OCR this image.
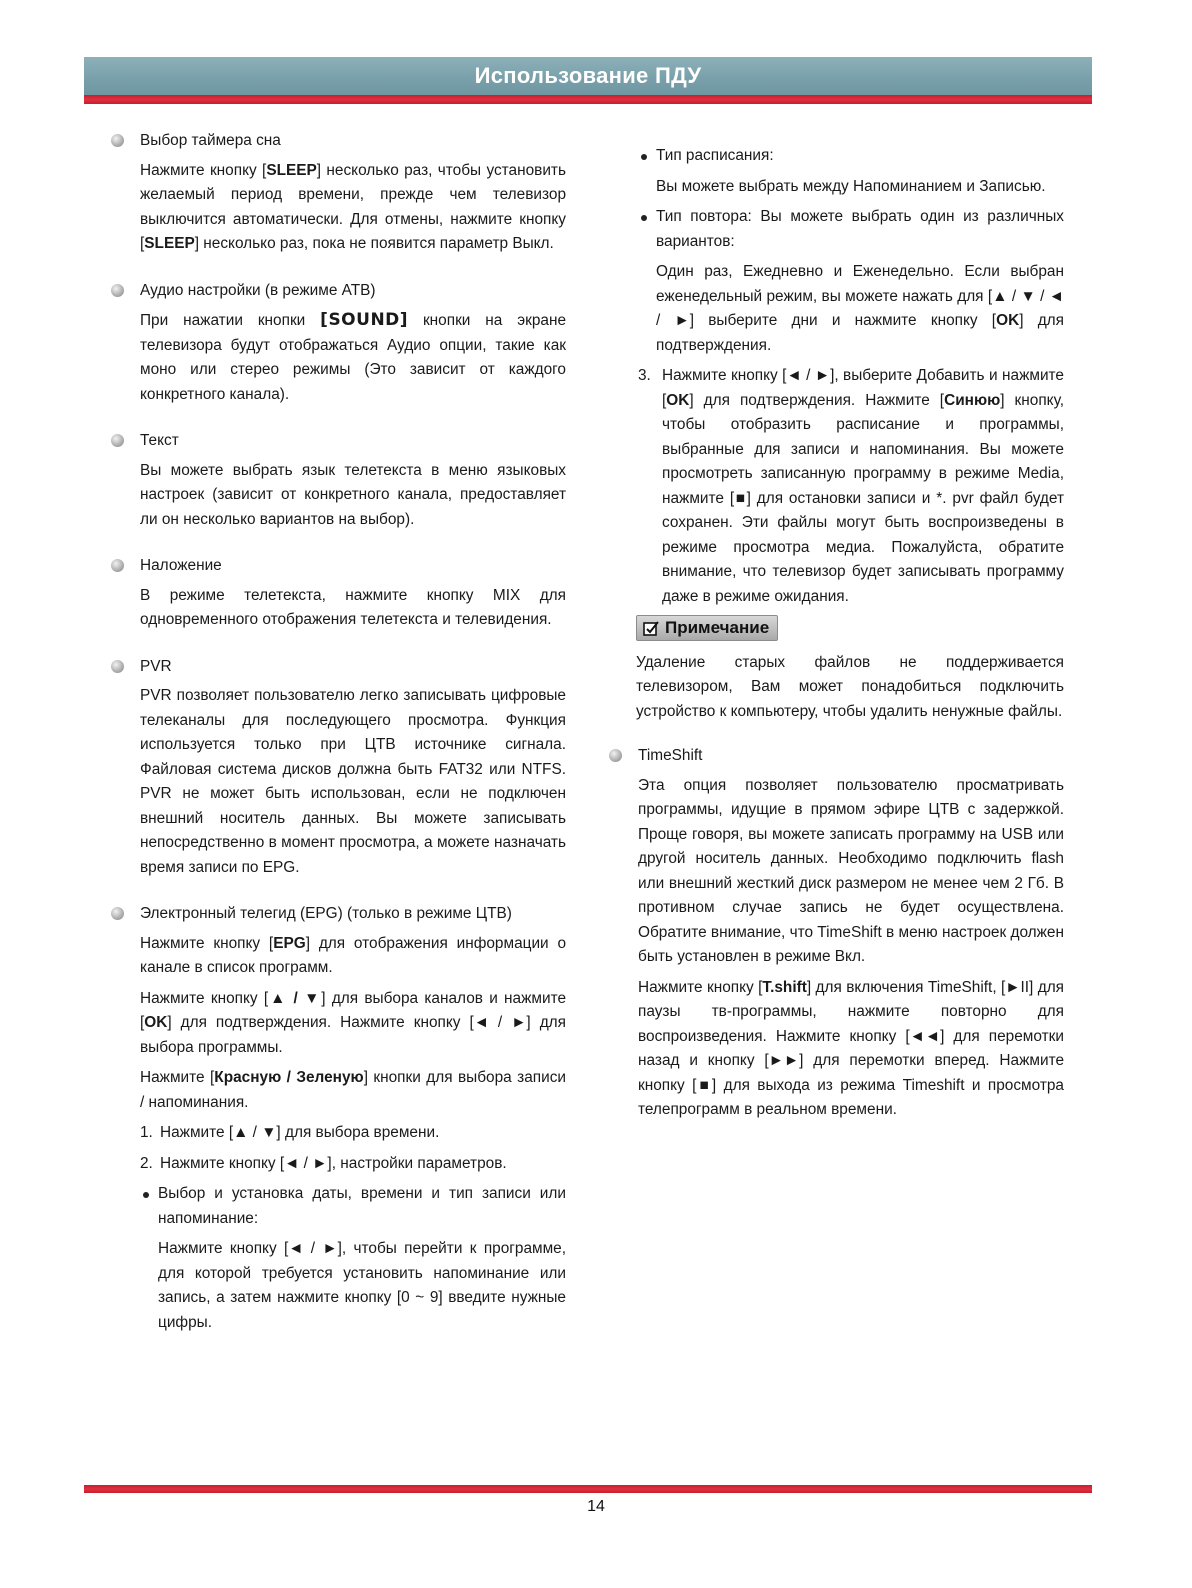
Использование ПДУ
Выбор таймера сна

Нажмите кнопку [SLEEP] несколько раз, чтобы установить желаемый период времени, прежде чем телевизор выключится автоматически. Для отмены, нажмите кнопку [SLEEP] несколько раз, пока не появится параметр Выкл.

Аудио настройки (в режиме АТВ)

При нажатии кнопки [SOUND] кнопки на экране телевизора будут отображаться Аудио опции, такие как моно или стерео режимы (Это зависит от каждого конкретного канала).

Текст

Вы можете выбрать язык телетекста в меню языковых настроек (зависит от конкретного канала, предоставляет ли он несколько вариантов на выбор).

Наложение

В режиме телетекста, нажмите кнопку MIX для одновременного отображения телетекста и телевидения.

PVR

PVR позволяет пользователю легко записывать цифровые телеканалы для последующего просмотра. Функция используется только при ЦТВ источнике сигнала. Файловая система дисков должна быть FAT32 или NTFS. PVR не может быть использован, если не подключен внешний носитель данных. Вы можете записывать непосредственно в момент просмотра, а можете назначать время записи по EPG.

Электронный телегид (EPG) (только в режиме ЦТВ)

Нажмите кнопку [EPG] для отображения информации о канале в список программ.

Нажмите кнопку [▲ / ▼] для выбора каналов и нажмите [OK] для подтверждения. Нажмите кнопку [◄ / ►] для выбора программы.

Нажмите [Красную / Зеленую] кнопки для выбора записи / напоминания.

1. Нажмите [▲ / ▼] для выбора времени.
2. Нажмите кнопку [◄ / ►], настройки параметров.

Выбор и установка даты, времени и тип записи или напоминание:

Нажмите кнопку [◄ / ►], чтобы перейти к программе, для которой требуется установить напоминание или запись, а затем нажмите кнопку [0 ~ 9] введите нужные цифры.

Тип расписания:

Вы можете выбрать между Напоминанием и Записью.

Тип повтора: Вы можете выбрать один из различных вариантов:

Один раз, Ежедневно и Еженедельно. Если выбран еженедельный режим, вы можете нажать для [▲ / ▼ / ◄ / ►] выберите дни и нажмите кнопку [OK] для подтверждения.

3. Нажмите кнопку [◄ / ►], выберите Добавить и нажмите [OK] для подтверждения. Нажмите [Синюю] кнопку, чтобы отобразить расписание и программы, выбранные для записи и напоминания. Вы можете просмотреть записанную программу в режиме Media, нажмите [■] для остановки записи и *. pvr файл будет сохранен. Эти файлы могут быть воспроизведены в режиме просмотра медиа. Пожалуйста, обратите внимание, что телевизор будет записывать программу даже в режиме ожидания.

Примечание

Удаление старых файлов не поддерживается телевизором, Вам может понадобиться подключить устройство к компьютеру, чтобы удалить ненужные файлы.

TimeShift

Эта опция позволяет пользователю просматривать программы, идущие в прямом эфире ЦТВ с задержкой. Проще говоря, вы можете записать программу на USB или другой носитель данных. Необходимо подключить flash или внешний жесткий диск размером не менее чем 2 Гб. В противном случае запись не будет осуществлена. Обратите внимание, что TimeShift в меню настроек должен быть установлен в режиме Вкл.

Нажмите кнопку [T.shift] для включения TimeShift, [►II] для паузы тв-программы, нажмите повторно для воспроизведения. Нажмите кнопку [◄◄] для перемотки назад и кнопку [►►] для перемотки вперед. Нажмите кнопку [■] для выхода из режима Timeshift и просмотра телепрограмм в реальном времени.

14
